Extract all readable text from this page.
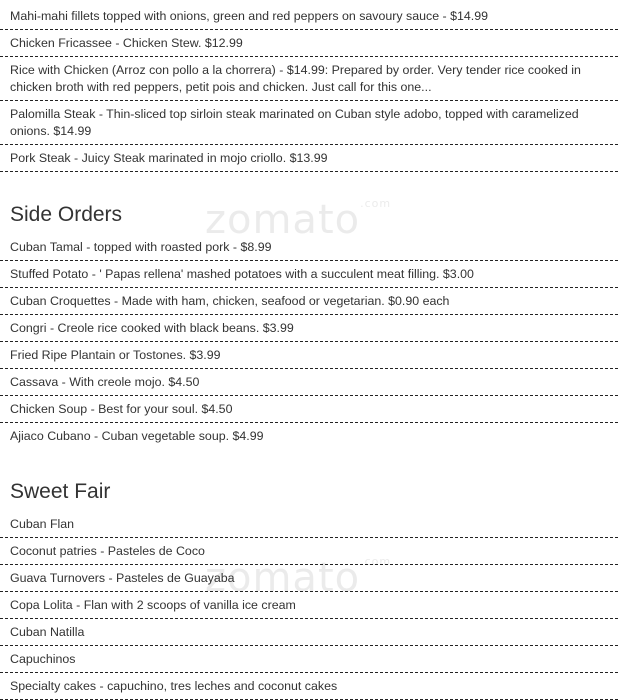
zomato$^{.com}$
zomato$^{.com}$
Mahi-mahi fillets topped with onions, green and red peppers on savoury sauce - $14.99
Chicken Fricassee - Chicken Stew. $12.99
Rice with Chicken (Arroz con pollo a la chorrera) - $14.99: Prepared by order. Very tender rice cooked in chicken broth with red peppers, petit pois and chicken. Just call for this one...
Palomilla Steak - Thin-sliced top sirloin steak marinated on Cuban style adobo, topped with caramelized onions. $14.99
Pork Steak - Juicy Steak marinated in mojo criollo. $13.99
Side Orders
Cuban Tamal - topped with roasted pork - $8.99
Stuffed Potato - ' Papas rellena' mashed potatoes with a succulent meat filling. $3.00
Cuban Croquettes - Made with ham, chicken, seafood or vegetarian. $0.90 each
Congri - Creole rice cooked with black beans. $3.99
Fried Ripe Plantain or Tostones. $3.99
Cassava - With creole mojo. $4.50
Chicken Soup - Best for your soul. $4.50
Ajiaco Cubano - Cuban vegetable soup. $4.99
Sweet Fair
Cuban Flan
Coconut patries - Pasteles de Coco
Guava Turnovers - Pasteles de Guayaba
Copa Lolita - Flan with 2 scoops of vanilla ice cream
Cuban Natilla
Capuchinos
Specialty cakes - capuchino, tres leches and coconut cakes
